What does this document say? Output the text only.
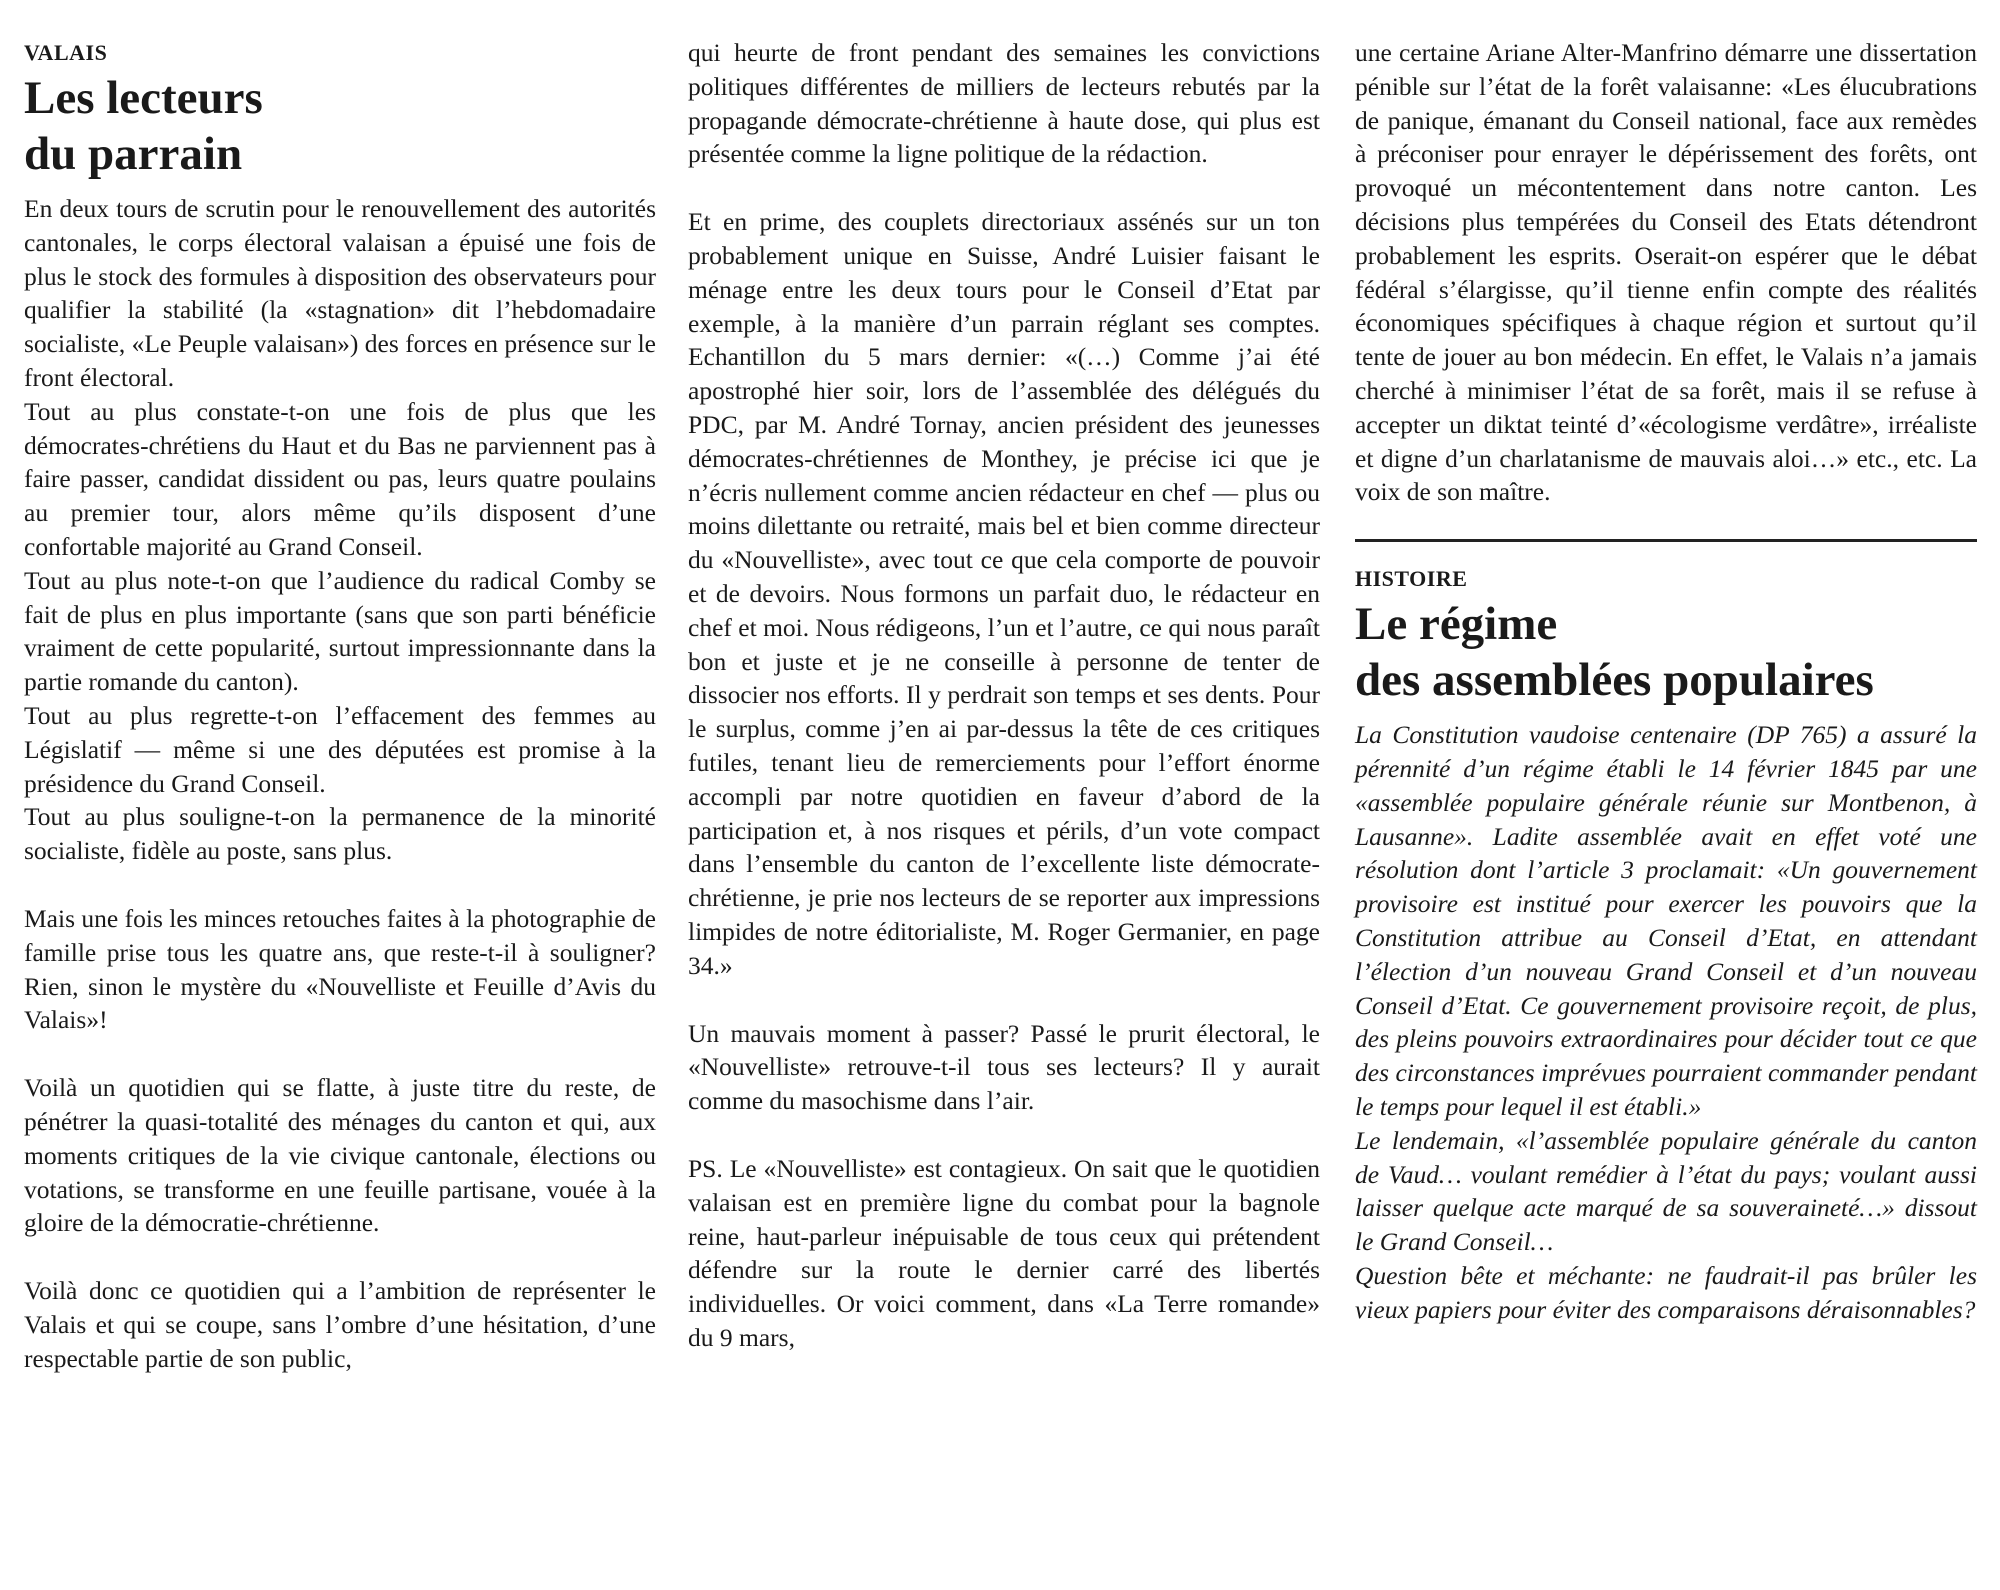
VALAIS

Les lecteurs
du parrain

En deux tours de scrutin pour le renouvellement des autorités cantonales, le corps électoral valaisan a épuisé une fois de plus le stock des formules à disposition des observateurs pour qualifier la stabilité (la «stagnation» dit l’hebdomadaire socialiste, «Le Peuple valaisan») des forces en présence sur le front électoral.

Tout au plus constate-t-on une fois de plus que les démocrates-chrétiens du Haut et du Bas ne parviennent pas à faire passer, candidat dissident ou pas, leurs quatre poulains au premier tour, alors même qu’ils disposent d’une confortable majorité au Grand Conseil.

Tout au plus note-t-on que l’audience du radical Comby se fait de plus en plus importante (sans que son parti bénéficie vraiment de cette popularité, surtout impressionnante dans la partie romande du canton).

Tout au plus regrette-t-on l’effacement des femmes au Législatif — même si une des députées est promise à la présidence du Grand Conseil.

Tout au plus souligne-t-on la permanence de la minorité socialiste, fidèle au poste, sans plus.

Mais une fois les minces retouches faites à la photographie de famille prise tous les quatre ans, que reste-t-il à souligner? Rien, sinon le mystère du «Nouvelliste et Feuille d’Avis du Valais»!

Voilà un quotidien qui se flatte, à juste titre du reste, de pénétrer la quasi-totalité des ménages du canton et qui, aux moments critiques de la vie civique cantonale, élections ou votations, se transforme en une feuille partisane, vouée à la gloire de la démocratie-chrétienne.

Voilà donc ce quotidien qui a l’ambition de représenter le Valais et qui se coupe, sans l’ombre d’une hésitation, d’une respectable partie de son public,

qui heurte de front pendant des semaines les convictions politiques différentes de milliers de lecteurs rebutés par la propagande démocrate-chrétienne à haute dose, qui plus est présentée comme la ligne politique de la rédaction.

Et en prime, des couplets directoriaux assénés sur un ton probablement unique en Suisse, André Luisier faisant le ménage entre les deux tours pour le Conseil d’Etat par exemple, à la manière d’un parrain réglant ses comptes. Echantillon du 5 mars dernier: «(…) Comme j’ai été apostrophé hier soir, lors de l’assemblée des délégués du PDC, par M. André Tornay, ancien président des jeunesses démocrates-chrétiennes de Monthey, je précise ici que je n’écris nullement comme ancien rédacteur en chef — plus ou moins dilettante ou retraité, mais bel et bien comme directeur du «Nouvelliste», avec tout ce que cela comporte de pouvoir et de devoirs. Nous formons un parfait duo, le rédacteur en chef et moi. Nous rédigeons, l’un et l’autre, ce qui nous paraît bon et juste et je ne conseille à personne de tenter de dissocier nos efforts. Il y perdrait son temps et ses dents. Pour le surplus, comme j’en ai par-dessus la tête de ces critiques futiles, tenant lieu de remerciements pour l’effort énorme accompli par notre quotidien en faveur d’abord de la participation et, à nos risques et périls, d’un vote compact dans l’ensemble du canton de l’excellente liste démocrate-chrétienne, je prie nos lecteurs de se reporter aux impressions limpides de notre éditorialiste, M. Roger Germanier, en page 34.»

Un mauvais moment à passer? Passé le prurit électoral, le «Nouvelliste» retrouve-t-il tous ses lecteurs? Il y aurait comme du masochisme dans l’air.

PS. Le «Nouvelliste» est contagieux. On sait que le quotidien valaisan est en première ligne du combat pour la bagnole reine, haut-parleur inépuisable de tous ceux qui prétendent défendre sur la route le dernier carré des libertés individuelles. Or voici comment, dans «La Terre romande» du 9 mars,

une certaine Ariane Alter-Manfrino démarre une dissertation pénible sur l’état de la forêt valaisanne: «Les élucubrations de panique, émanant du Conseil national, face aux remèdes à préconiser pour enrayer le dépérissement des forêts, ont provoqué un mécontentement dans notre canton. Les décisions plus tempérées du Conseil des Etats détendront probablement les esprits. Oserait-on espérer que le débat fédéral s’élargisse, qu’il tienne enfin compte des réalités économiques spécifiques à chaque région et surtout qu’il tente de jouer au bon médecin. En effet, le Valais n’a jamais cherché à minimiser l’état de sa forêt, mais il se refuse à accepter un diktat teinté d’«écologisme verdâtre», irréaliste et digne d’un charlatanisme de mauvais aloi…» etc., etc. La voix de son maître.

HISTOIRE

Le régime
des assemblées populaires

La Constitution vaudoise centenaire (DP 765) a assuré la pérennité d’un régime établi le 14 février 1845 par une «assemblée populaire générale réunie sur Montbenon, à Lausanne». Ladite assemblée avait en effet voté une résolution dont l’article 3 proclamait: «Un gouvernement provisoire est institué pour exercer les pouvoirs que la Constitution attribue au Conseil d’Etat, en attendant l’élection d’un nouveau Grand Conseil et d’un nouveau Conseil d’Etat. Ce gouvernement provisoire reçoit, de plus, des pleins pouvoirs extraordinaires pour décider tout ce que des circonstances imprévues pourraient commander pendant le temps pour lequel il est établi.»

Le lendemain, «l’assemblée populaire générale du canton de Vaud… voulant remédier à l’état du pays; voulant aussi laisser quelque acte marqué de sa souveraineté…» dissout le Grand Conseil…

Question bête et méchante: ne faudrait-il pas brûler les vieux papiers pour éviter des comparaisons déraisonnables?
